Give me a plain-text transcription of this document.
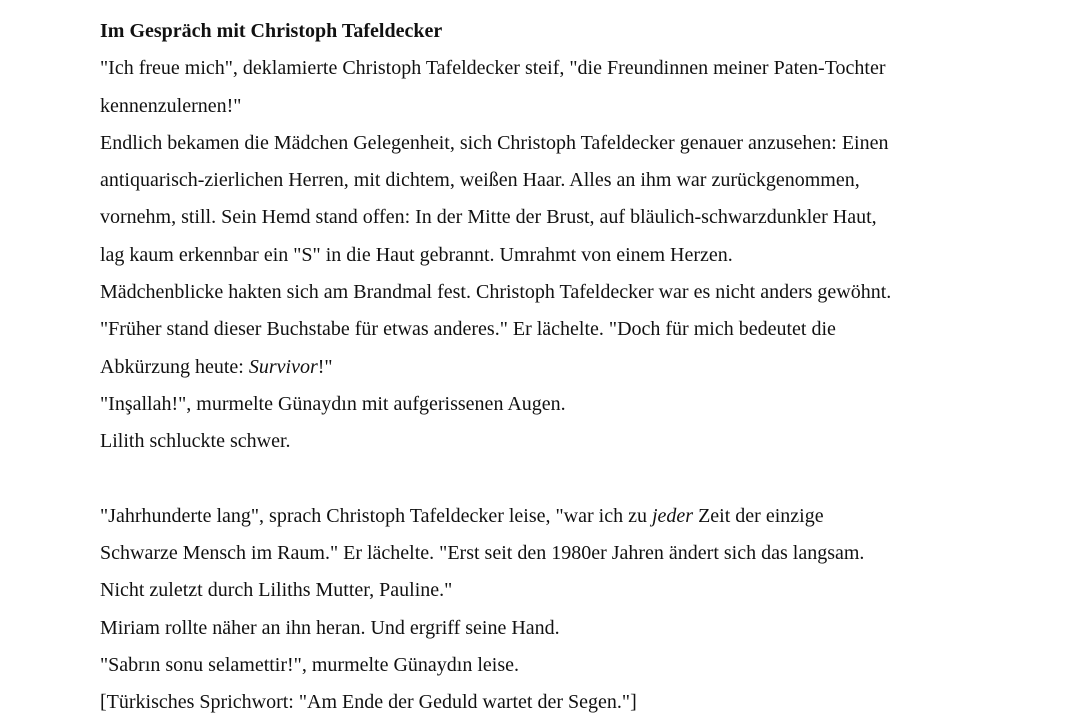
Im Gespräch mit Christoph Tafeldecker
"Ich freue mich", deklamierte Christoph Tafeldecker steif, "die Freundinnen meiner Paten-Tochter
kennenzulernen!"
Endlich bekamen die Mädchen Gelegenheit, sich Christoph Tafeldecker genauer anzusehen: Einen
antiquarisch-zierlichen Herren, mit dichtem, weißen Haar. Alles an ihm war zurückgenommen,
vornehm, still. Sein Hemd stand offen: In der Mitte der Brust, auf bläulich-schwarzdunkler Haut,
lag kaum erkennbar ein "S" in die Haut gebrannt. Umrahmt von einem Herzen.
Mädchenblicke hakten sich am Brandmal fest. Christoph Tafeldecker war es nicht anders gewöhnt.
"Früher stand dieser Buchstabe für etwas anderes." Er lächelte. "Doch für mich bedeutet die
Abkürzung heute: Survivor!"
"Inşallah!", murmelte Günaydın mit aufgerissenen Augen.
Lilith schluckte schwer.
"Jahrhunderte lang", sprach Christoph Tafeldecker leise, "war ich zu jeder Zeit der einzige
Schwarze Mensch im Raum." Er lächelte. "Erst seit den 1980er Jahren ändert sich das langsam.
Nicht zuletzt durch Liliths Mutter, Pauline."
Miriam rollte näher an ihn heran. Und ergriff seine Hand.
"Sabrın sonu selamettir!", murmelte Günaydın leise.
[Türkisches Sprichwort: "Am Ende der Geduld wartet der Segen."]
